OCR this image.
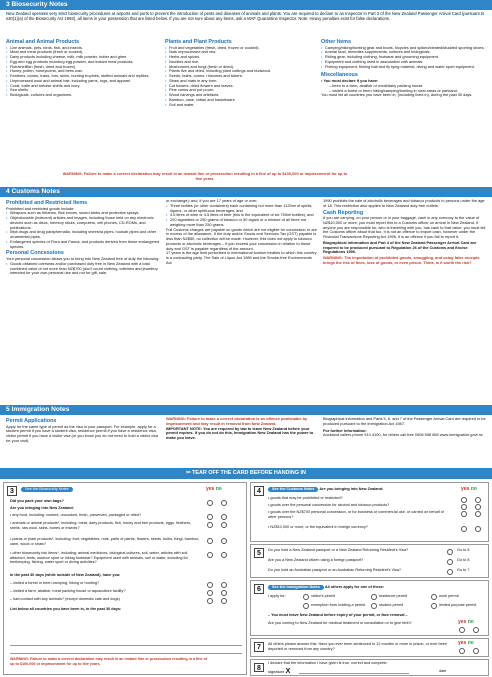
3 Biosecurity Notes
New Zealand operates very strict biosecurity procedures at airports and ports to prevent the introduction of pests and diseases of animals and plants. You are required to declare to an Inspector in Part 3 of the New Zealand Passenger Arrival Card (pursuant to s30(1)(a) of the Biosecurity Act 1993), all items in your possession that are listed below. If you are not sure about any items, ask a MAF Quarantine Inspector. Note: Heavy penalties exist for false declarations.
Animal and Animal Products
• Live animals, pets, birds, fish, and insects.
• Meat and meat products (fresh or cooked).
• Dairy products including cheese, milk, milk powder, butter and ghee.
• Egg and egg products including egg powder, and instant meal products.
• Fish/shellfish (fresh, dried and frozen).
• Honey, pollen, honeycomb, and bees wax.
• Feathers, bones, tusks, furs, skins, hunting trophies, stuffed animals and reptiles.
• Unprocessed wool and animal hair, including yarns, rugs, and apparel.
• Coral, turtle and tortoise shells and ivory.
• Sea shells.
• Biologicals, cultures and organisms.
Plants and Plant Products
• Fruit and vegetables (fresh, dried, frozen or cooked).
• Nuts unprocessed and raw.
• Herbs and spices.
• Noodles and rice.
• Mushrooms and fungi (fresh or dried).
• Plants live and dried, including plant cuttings and budwood.
• Seeds, bulbs, corms, rhizomes and tubers.
• Straw and mats in any form.
• Cut flowers, dried flowers and leaves.
• Pine cones and pot pourri.
• Wood carvings and artefacts.
• Bamboo, cane, rattan and basketware.
• Soil and water.
Other Items
• Camping/hiking/hunting gear and boots, bicycles and spiked/cleated/studded sporting shoes.
• Animal food, remedies supplements, cultures and biologicals.
• Riding gear, including clothing, footwear and grooming equipment.
• Equipment and clothing used in association with animals.
• Fishing equipment, fishing bait and fly tying material, diving and water sport equipment.
Miscellaneous
• You must declare if you have:
– been to a farm, abattoir or meat/dairy packing house.
– visited a forest or been hiking/camping/hunting in rural areas or parkland.
You must list all countries you have been in, (including lived in), during the past 30 days.
WARNING: Failure to make a correct declaration may result in an instant fine or prosecution resulting in a fine of up to $100,000 or imprisonment for up to five years.
4 Customs Notes
Prohibited and Restricted Items
Prohibited and restricted goods include:
• Weapons such as firearms, flick knives, sword sticks and protective sprays.
• Objectionable (indecent) articles and images, including those held on any electronic devices such as discs, memory sticks, computers, cell phones, CD-ROMs, and publications.
• Illicit drugs and drug paraphernalia, including sheesha pipes, hookah pipes and other ornamental pipes.
• Endangered species of Flora and Fauna, and products derived from these endangered species.
Personal Concessions
Your personal concession allows you to bring into New Zealand free of duty the following:
• Goods obtained overseas and/or purchased duty free in New Zealand with a total combined value of not more than NZ$700 (don't count clothing, toiletries and jewellery intended for your own personal use and not for gift, sale,
or exchange); and, if you are 17 years of age or over,
• Three bottles (or other containers) each containing not more than 1125ml of spirits, liqueur, or other spirituous beverages; and
• 4.5 litres of wine or 4.5 litres of beer (this is the equivalent of six 750ml bottles); and
• 200 cigarettes or 250 grams of tobacco or 50 cigars or a mixture of all three not weighing more than 250 grams.
Full Customs charges are payable on goods which are not eligible for concession or are in excess of the allowance. If the duty and/or Goods and Services Tax (GST) payable is less than NZ$50, no collection will be made. However, this does not apply to tobacco products or alcoholic beverages – if you exceed your concession in relation to these duty and GST is payable regardless of the amount.
17 years is the age limit prescribed in international tourism treaties to which this country is a contracting party. The Sale of Liquor Act 1989 and the Smoke-free Environments Act
1990 prohibits the sale of alcoholic beverages and tobacco products to persons under the age of 18. This restriction also applies to New Zealand duty free outlets.
Cash Reporting
If you are carrying, on your person or in your baggage, cash in any currency to the value of NZ$10,000 or more, you must report this to a Customs officer on arrival in New Zealand. If anyone you are responsible for, who is travelling with you, has cash to that value, you must tell the Customs officer about that too. It is not an offence to import cash, however under the Financial Transactions Reporting Act 1996, it is an offence if you fail to report it.
Biographical information and Part 4 of the New Zealand Passenger Arrival Card are required to be produced pursuant to Regulation 26 of the Customs and Excise Regulations 1996.
WARNING: The importation of prohibited goods, smuggling, and using false receipts brings the risk of fines, loss of goods, or even prison. Think, is it worth the risk?
5 Immigration Notes
Permit Applications
Apply for the same type of permit as the visa in your passport. For example, apply for a student permit if you have a student visa, residence permit if you have a residence visa, visitor permit if you have a visitor visa (or you know you do not need to hold a visitor visa for your visit).
WARNING: Failure to make a correct declaration is an offence punishable by imprisonment and may result in removal from New Zealand.
IMPORTANT NOTE: You are required by law to leave New Zealand before your permit expires. If you do not do this, Immigration New Zealand has the power to make you leave.
Biographical information and Parts 5, 6, and 7 of the Passenger Arrival Card are required to be produced pursuant to the Immigration Act 1987.
For further information:
Auckland callers phone 914 4100, for others call free 0508 558 855 www.immigration.govt.nz
✂ TEAR OFF THE CARD BEFORE HANDING IN
3	See the Biosecurity Notes	yes no
Did you pack your own bags?
Are you bringing into New Zealand:
• any food, including: cooked, uncooked, fresh, preserved, packaged or dried?
• animals or animal products*, including: meat, dairy products, fish, honey and bee products, eggs, feathers, shells, raw wool, skins, bones or insects?
• plants or plant products*, including: fruit, vegetables, nuts, parts of plants, flowers, seeds, bulbs, fungi, bamboo, cane, wood or straw?
• other biosecurity risk items*, including: animal medicines, biological cultures, soil, water, articles with soil attached, tents, outdoor sport or hiking footwear? Equipment used with animals, soil or water, including for beekeeping, fishing, water sport or diving activities?
In the past 30 days (while outside of New Zealand), have you:
– visited a forest or been camping, hiking or hunting?
– visited a farm, abattoir, meat packing house or aquaculture facility?
– had contact with any animals? (except domestic cats and dogs)
List below all countries you have been in, in the past 30 days:
WARNING: Failure to make a correct declaration may result in an instant fine or prosecution resulting in a fine of up to $100,000 or imprisonment for up to five years.
4	See the Customs Notes Are you bringing into New Zealand:	yes no
• goods that may be prohibited or restricted?
• goods over the personal concession for alcohol and tobacco products?
• goods over the NZ$700 personal concession, or for business or commercial use, or carried on behalf of other persons?
• NZ$10,000 or more, or the equivalent in foreign currency?
5	Do you hold a New Zealand passport or a New Zealand Returning Resident's Visa?	Go to 8
Are you a New Zealand citizen using a foreign passport?	Go to 8
Do you hold an Australian passport or an Australian Returning Resident's Visa?	Go to 7
6	See the Immigration Notes All others apply for one of these:
I apply for:	visitor's permit	residence permit	work permit
exemption from holding a permit	student permit	limited purpose permit
– You must leave New Zealand before expiry of your permit, or face removal –
Are you coming to New Zealand for medical treatment or consultation or to give birth?	yes no
7	All others please answer this: Have you ever been sentenced to 12 months or more in prison, or ever been deported or removed from any country?
yes no
8
I declare that the information I have given is true, correct and complete.
signature X	date
